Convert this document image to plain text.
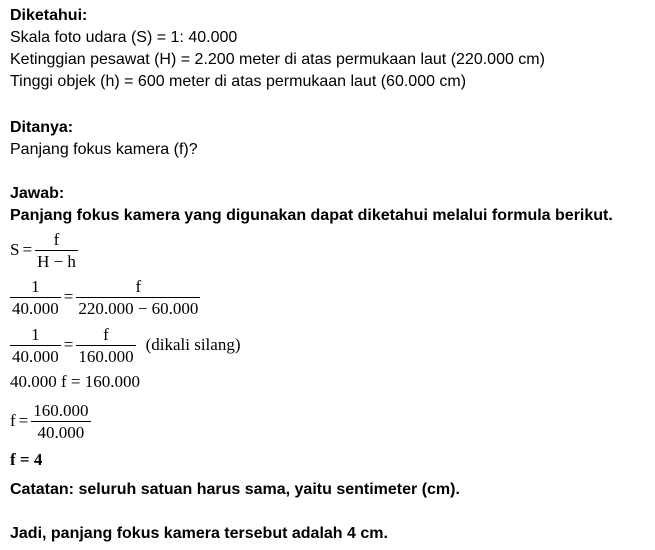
Diketahui:
Skala foto udara (S) = 1: 40.000
Ketinggian pesawat (H) = 2.200 meter di atas permukaan laut (220.000 cm)
Tinggi objek (h) = 600 meter di atas permukaan laut (60.000 cm)
Ditanya:
Panjang fokus kamera (f)?
Jawab:
Panjang fokus kamera yang digunakan dapat diketahui melalui formula berikut.
$S = \frac{f}{H - h}$
$\frac{1}{40.000} = \frac{f}{220.000 - 60.000}$
$\frac{1}{40.000} = \frac{f}{160.000}$ (dikali silang)
40.000 f = 160.000
$f = \frac{160.000}{40.000}$
f = 4
Catatan: seluruh satuan harus sama, yaitu sentimeter (cm).
Jadi, panjang fokus kamera tersebut adalah 4 cm.
